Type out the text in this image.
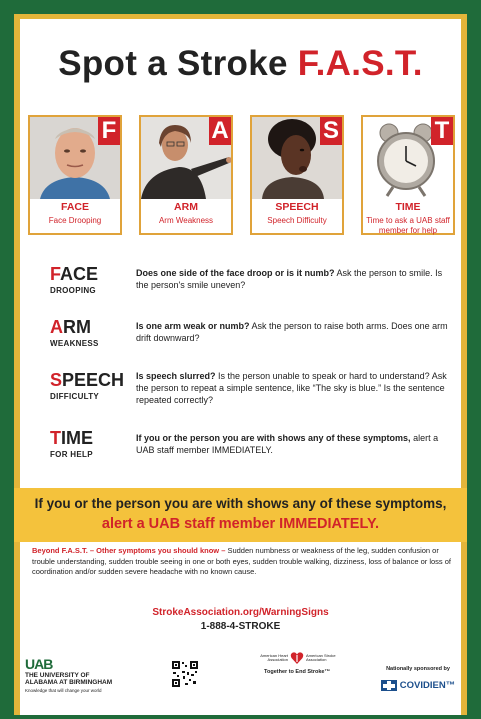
Spot a Stroke F.A.S.T.
F
FACE
Face Drooping
A
ARM
Arm Weakness
S
SPEECH
Speech Difficulty
T
TIME
Time to ask a UAB staff member for help
FACE
DROOPING
Does one side of the face droop or is it numb? Ask the person to smile. Is the person's smile uneven?
ARM
WEAKNESS
Is one arm weak or numb? Ask the person to raise both arms. Does one arm drift downward?
SPEECH
DIFFICULTY
Is speech slurred? Is the person unable to speak or hard to understand? Ask the person to repeat a simple sentence, like “The sky is blue.” Is the sentence repeated correctly?
TIME
FOR HELP
If you or the person you are with shows any of these symptoms, alert a UAB staff member IMMEDIATELY.
If you or the person you are with shows any of these symptoms,
alert a UAB staff member IMMEDIATELY.
Beyond F.A.S.T. – Other symptoms you should know – Sudden numbness or weakness of the leg, sudden confusion or trouble understanding, sudden trouble seeing in one or both eyes, sudden trouble walking, dizziness, loss of balance or loss of coordination and/or sudden severe headache with no known cause.
StrokeAssociation.org/WarningSigns
1-888-4-STROKE
UAB
THE UNIVERSITY OF
ALABAMA AT BIRMINGHAM
Knowledge that will change your world
American Heart Association
American Stroke Association
Together to End Stroke™	Nationally sponsored by
COVIDIEN™
